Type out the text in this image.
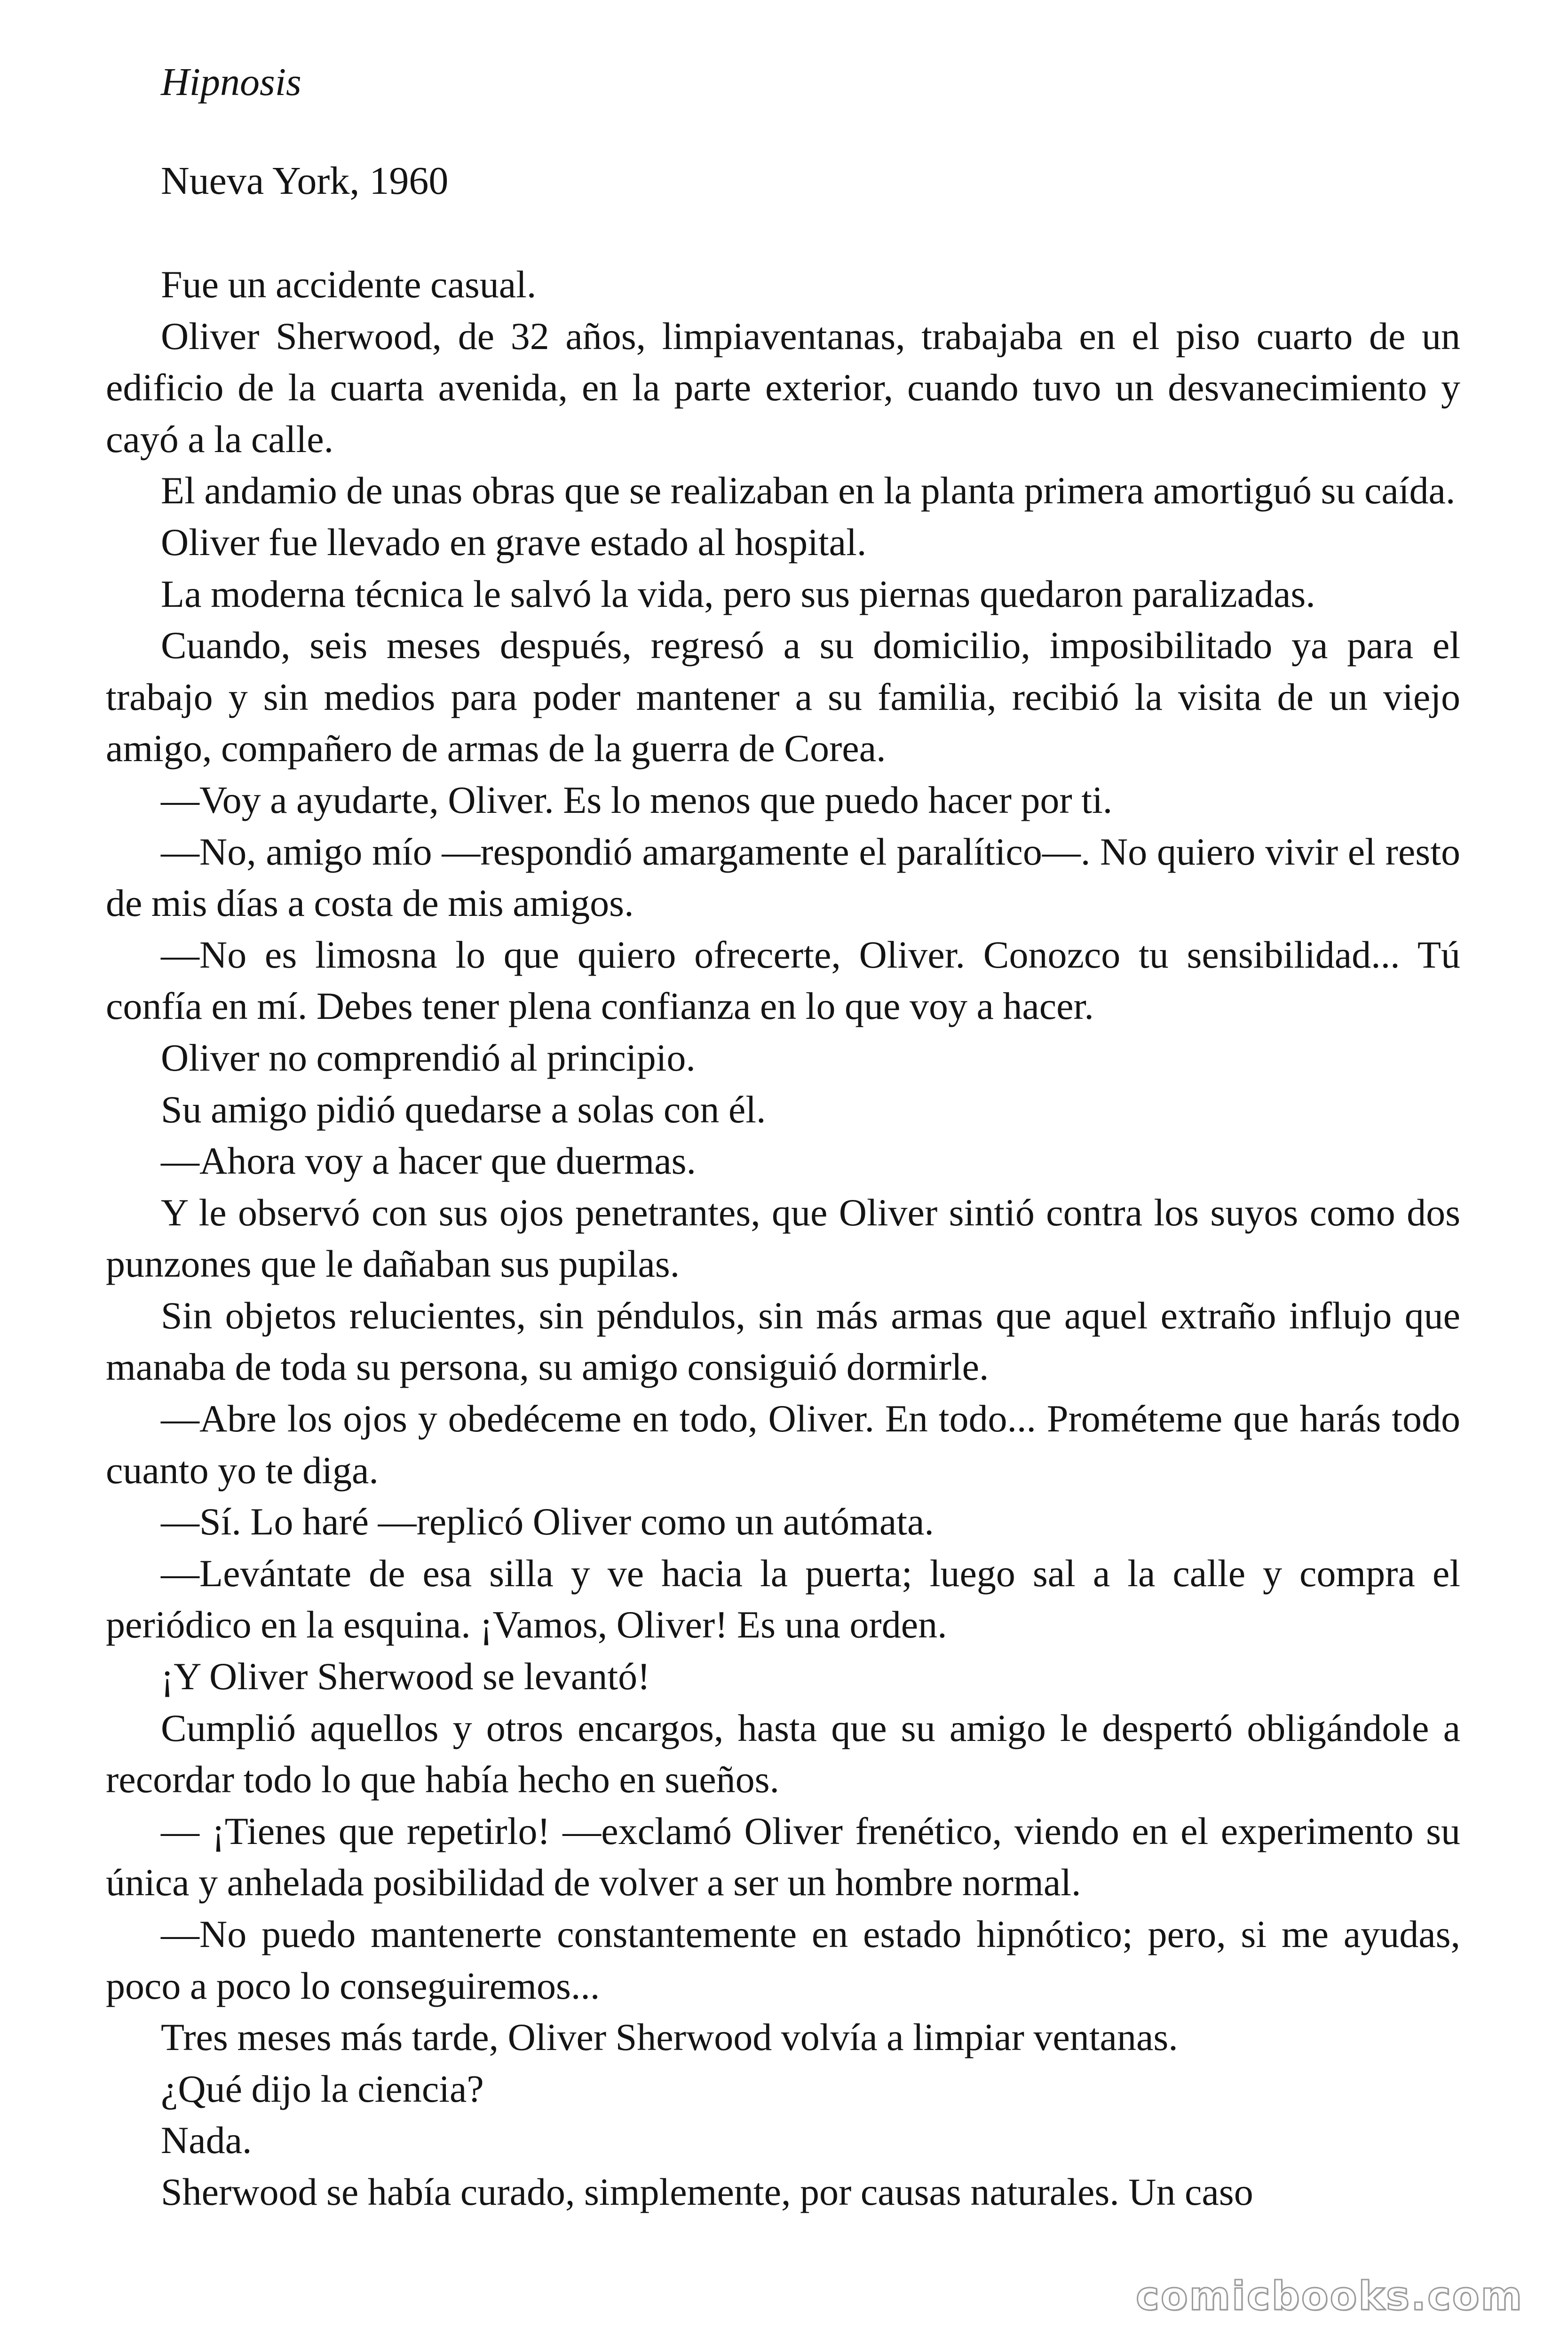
Hipnosis
Nueva York, 1960

Fue un accidente casual.

Oliver Sherwood, de 32 años, limpiaventanas, trabajaba en el piso cuarto de un edificio de la cuarta avenida, en la parte exterior, cuando tuvo un desvanecimiento y cayó a la calle.

El andamio de unas obras que se realizaban en la planta primera amortiguó su caída.

Oliver fue llevado en grave estado al hospital.

La moderna técnica le salvó la vida, pero sus piernas quedaron paralizadas.

Cuando, seis meses después, regresó a su domicilio, imposibilitado ya para el trabajo y sin medios para poder mantener a su familia, recibió la visita de un viejo amigo, compañero de armas de la guerra de Corea.

—Voy a ayudarte, Oliver. Es lo menos que puedo hacer por ti.

—No, amigo mío —respondió amargamente el paralítico—. No quiero vivir el resto de mis días a costa de mis amigos.

—No es limosna lo que quiero ofrecerte, Oliver. Conozco tu sensibilidad... Tú confía en mí. Debes tener plena confianza en lo que voy a hacer.

Oliver no comprendió al principio.

Su amigo pidió quedarse a solas con él.

—Ahora voy a hacer que duermas.

Y le observó con sus ojos penetrantes, que Oliver sintió contra los suyos como dos punzones que le dañaban sus pupilas.

Sin objetos relucientes, sin péndulos, sin más armas que aquel extraño influjo que manaba de toda su persona, su amigo consiguió dormirle.

—Abre los ojos y obedéceme en todo, Oliver. En todo... Prométeme que harás todo cuanto yo te diga.

—Sí. Lo haré —replicó Oliver como un autómata.

—Levántate de esa silla y ve hacia la puerta; luego sal a la calle y compra el periódico en la esquina. ¡Vamos, Oliver! Es una orden.

¡Y Oliver Sherwood se levantó!

Cumplió aquellos y otros encargos, hasta que su amigo le despertó obligándole a recordar todo lo que había hecho en sueños.

— ¡Tienes que repetirlo! —exclamó Oliver frenético, viendo en el experimento su única y anhelada posibilidad de volver a ser un hombre normal.

—No puedo mantenerte constantemente en estado hipnótico; pero, si me ayudas, poco a poco lo conseguiremos...

Tres meses más tarde, Oliver Sherwood volvía a limpiar ventanas.

¿Qué dijo la ciencia?

Nada.

Sherwood se había curado, simplemente, por causas naturales. Un caso

comicbooks.com
